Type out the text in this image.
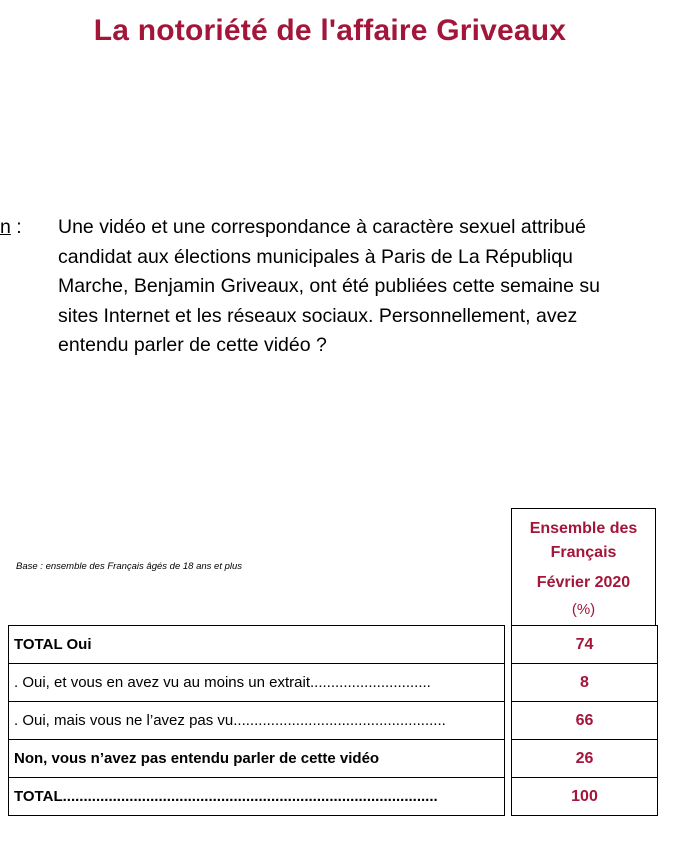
La notoriété de l'affaire Griveaux
n : Une vidéo et une correspondance à caractère sexuel attribué
candidat aux élections municipales à Paris de La Républiqu
Marche, Benjamin Griveaux, ont été publiées cette semaine su
sites Internet et les réseaux sociaux. Personnellement, avez
entendu parler de cette vidéo ?
Base : ensemble des Français âgés de 18 ans et plus
Ensemble des
Français
Février 2020
(%)
TOTAL Oui		74
. Oui, et vous en avez vu au moins un extrait.............................		8
. Oui, mais vous ne l’avez pas vu...................................................		66
Non, vous n’avez pas entendu parler de cette vidéo		26
TOTAL..........................................................................................		100
